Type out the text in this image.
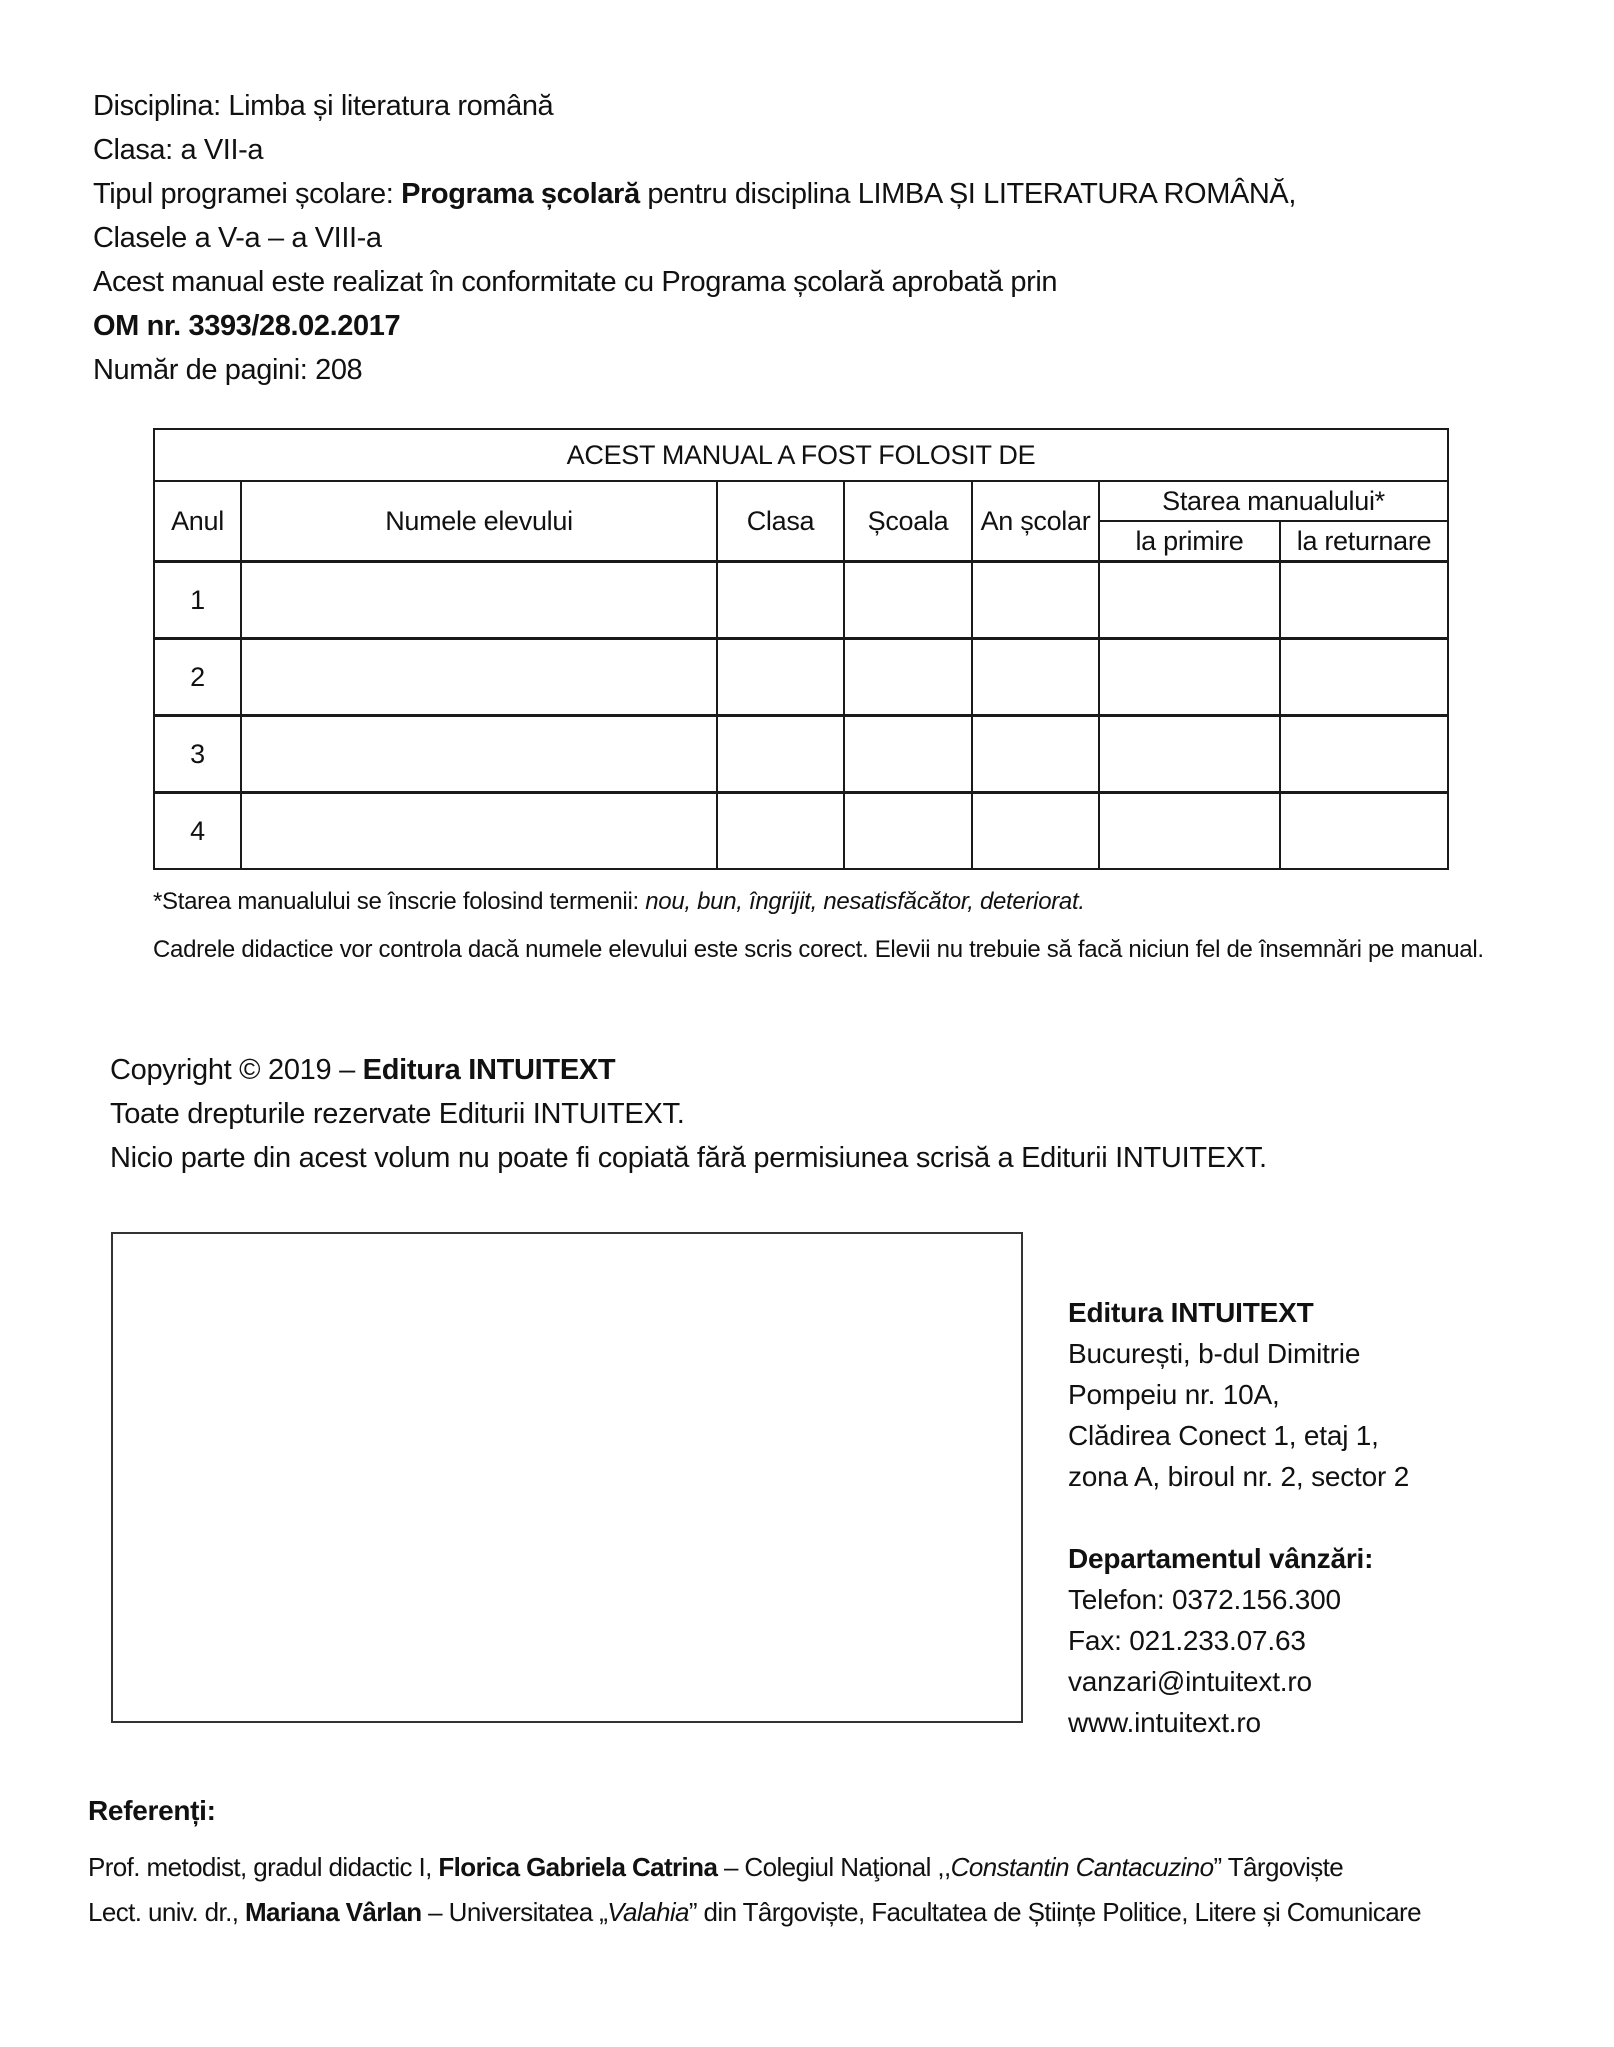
Disciplina: Limba și literatura română
Clasa: a VII-a
Tipul programei școlare: Programa școlară pentru disciplina LIMBA ȘI LITERATURA ROMÂNĂ,
Clasele a V-a – a VIII-a
Acest manual este realizat în conformitate cu Programa școlară aprobată prin
OM nr. 3393/28.02.2017
Număr de pagini: 208
ACEST MANUAL A FOST FOLOSIT DE						
Anul	Numele elevului	Clasa	Școala	An școlar	Starea manualului*	
					la primire	la returnare
1						
2						
3						
4						
*Starea manualului se înscrie folosind termenii: nou, bun, îngrijit, nesatisfăcător, deteriorat.
Cadrele didactice vor controla dacă numele elevului este scris corect. Elevii nu trebuie să facă niciun fel de însemnări pe manual.
Copyright © 2019 – Editura INTUITEXT
Toate drepturile rezervate Editurii INTUITEXT.
Nicio parte din acest volum nu poate fi copiată fără permisiunea scrisă a Editurii INTUITEXT.
Editura INTUITEXT
București, b-dul Dimitrie
Pompeiu nr. 10A,
Clădirea Conect 1, etaj 1,
zona A, biroul nr. 2, sector 2
Departamentul vânzări:
Telefon: 0372.156.300
Fax: 021.233.07.63
vanzari@intuitext.ro
www.intuitext.ro
Referenți:
Prof. metodist, gradul didactic I, Florica Gabriela Catrina – Colegiul Naţional ,,Constantin Cantacuzino” Târgoviște
Lect. univ. dr., Mariana Vârlan – Universitatea „Valahia” din Târgoviște, Facultatea de Științe Politice, Litere și Comunicare
